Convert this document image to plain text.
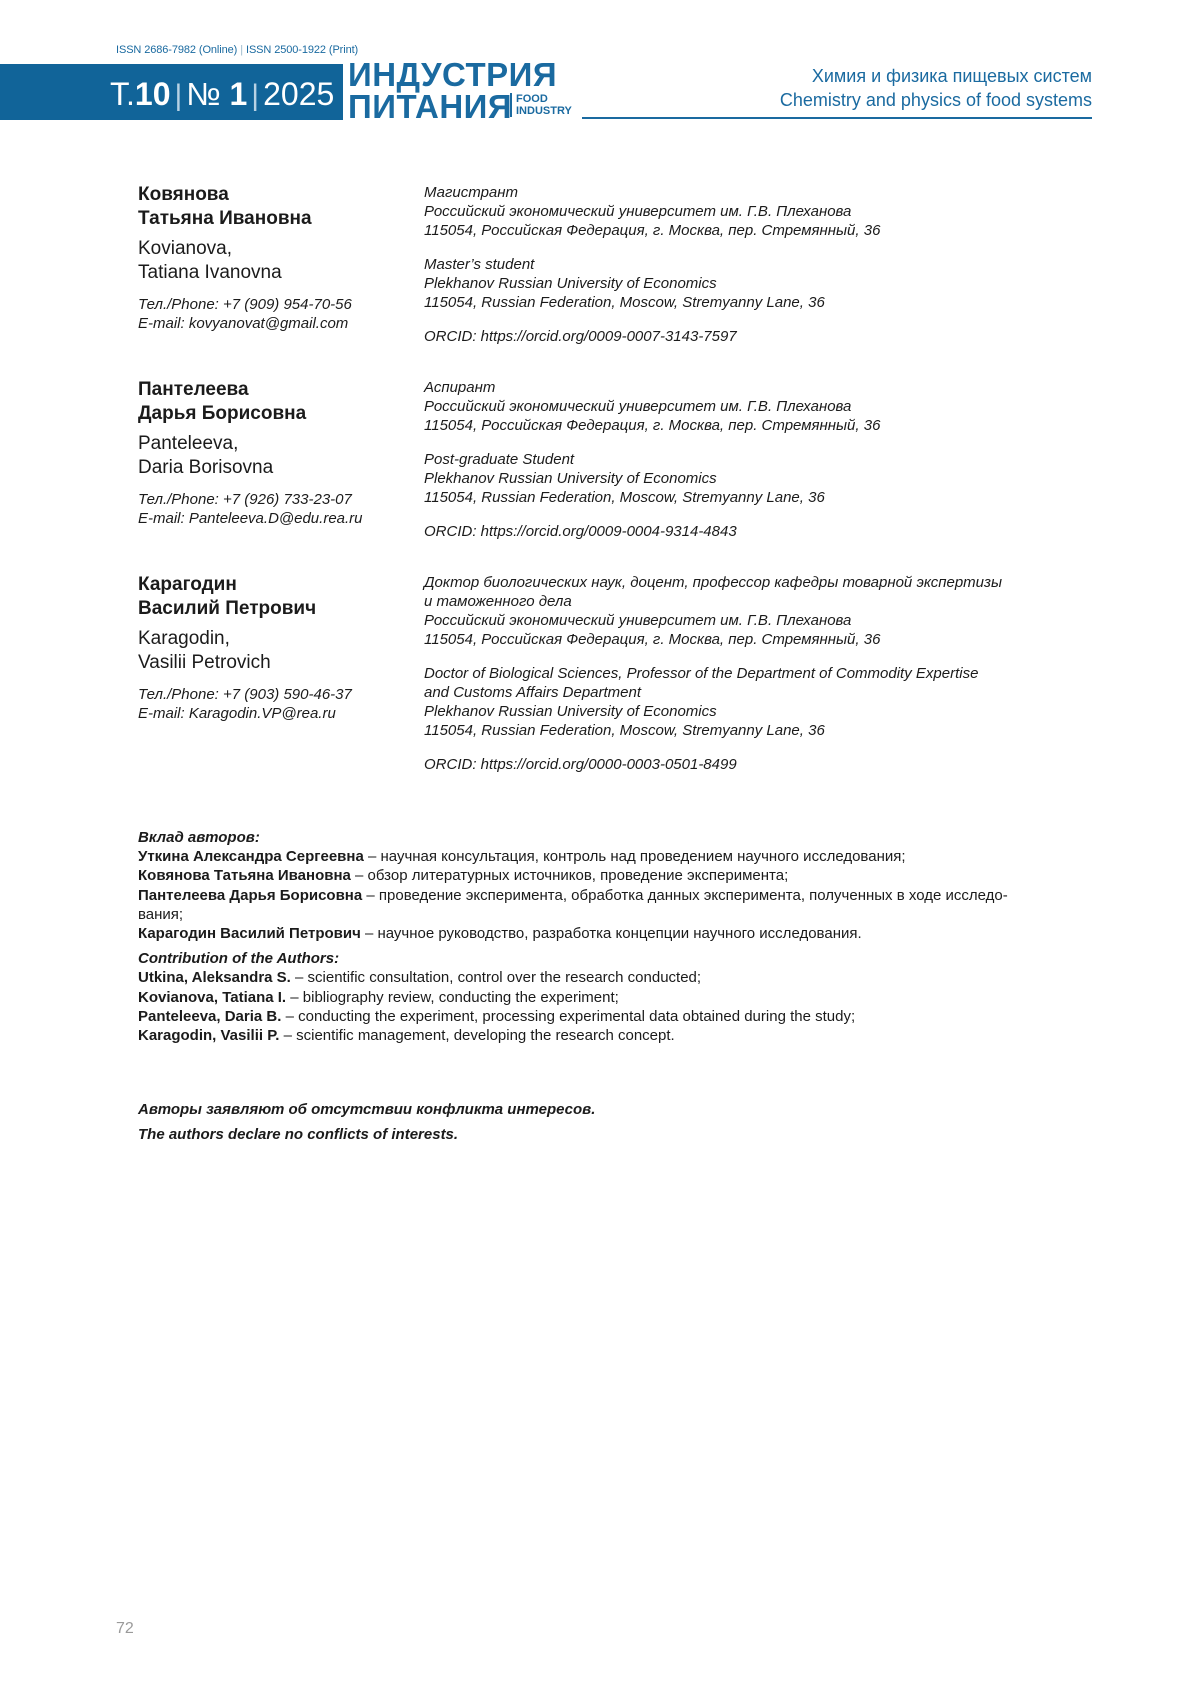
ISSN 2686-7982 (Online) | ISSN 2500-1922 (Print)
Т.10 | № 1 | 2025
ИНДУСТРИЯ
ПИТАНИЯ FOOD
INDUSTRY
Химия и физика пищевых систем
Chemistry and physics of food systems
Ковянова
Татьяна Ивановна
Kovianova,
Tatiana Ivanovna
Тел./Phone: +7 (909) 954-70-56
E-mail: kovyanovat@gmail.com
Магистрант
Российский экономический университет им. Г.В. Плеханова
115054, Российская Федерация, г. Москва, пер. Стремянный, 36
Master’s student
Plekhanov Russian University of Economics
115054, Russian Federation, Moscow, Stremyanny Lane, 36
ORCID: https://orcid.org/0009-0007-3143-7597
Пантелеева
Дарья Борисовна
Panteleeva,
Daria Borisovna
Тел./Phone: +7 (926) 733-23-07
E-mail: Panteleeva.D@edu.rea.ru
Аспирант
Российский экономический университет им. Г.В. Плеханова
115054, Российская Федерация, г. Москва, пер. Стремянный, 36
Post-graduate Student
Plekhanov Russian University of Economics
115054, Russian Federation, Moscow, Stremyanny Lane, 36
ORCID: https://orcid.org/0009-0004-9314-4843
Карагодин
Василий Петрович
Karagodin,
Vasilii Petrovich
Тел./Phone: +7 (903) 590-46-37
E-mail: Karagodin.VP@rea.ru
Доктор биологических наук, доцент, профессор кафедры товарной экспертизы
и таможенного дела
Российский экономический университет им. Г.В. Плеханова
115054, Российская Федерация, г. Москва, пер. Стремянный, 36
Doctor of Biological Sciences, Professor of the Department of Commodity Expertise
and Customs Affairs Department
Plekhanov Russian University of Economics
115054, Russian Federation, Moscow, Stremyanny Lane, 36
ORCID: https://orcid.org/0000-0003-0501-8499
Вклад авторов:
Уткина Александра Сергеевна – научная консультация, контроль над проведением научного исследования;
Ковянова Татьяна Ивановна – обзор литературных источников, проведение эксперимента;
Пантелеева Дарья Борисовна – проведение эксперимента, обработка данных эксперимента, полученных в ходе исследо-
вания;
Карагодин Василий Петрович – научное руководство, разработка концепции научного исследования.
Contribution of the Authors:
Utkina, Aleksandra S. – scientific consultation, control over the research conducted;
Kovianova, Tatiana I. – bibliography review, conducting the experiment;
Panteleeva, Daria B. – conducting the experiment, processing experimental data obtained during the study;
Karagodin, Vasilii P. – scientific management, developing the research concept.
Авторы заявляют об отсутствии конфликта интересов.
The authors declare no conflicts of interests.
72
